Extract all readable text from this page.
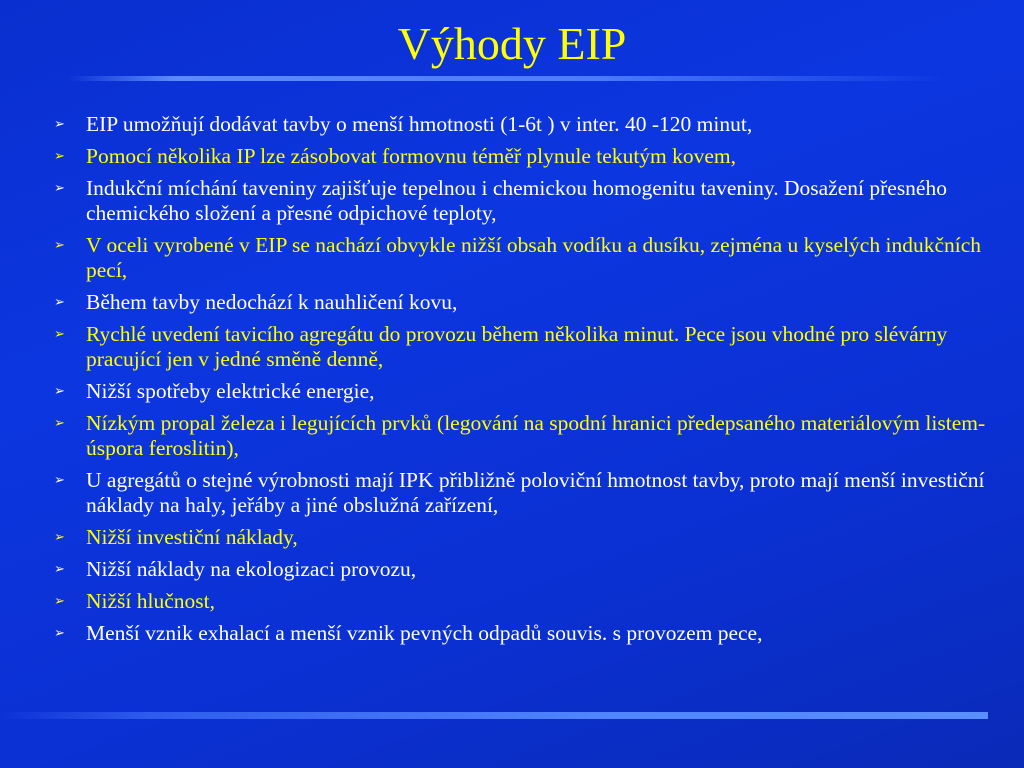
Výhody EIP
➢ EIP umožňují dodávat tavby o menší hmotnosti (1-6t ) v inter. 40 -120 minut,
➢ Pomocí několika IP lze zásobovat formovnu téměř plynule tekutým kovem,
➢ Indukční míchání taveniny zajišťuje tepelnou i chemickou homogenitu taveniny. Dosažení přesného chemického složení a přesné odpichové teploty,
➢ V oceli vyrobené v EIP se nachází obvykle nižší obsah vodíku a dusíku, zejména u kyselých indukčních pecí,
➢ Během tavby nedochází k nauhličení kovu,
➢ Rychlé uvedení tavicího agregátu do provozu během několika minut. Pece jsou vhodné pro slévárny pracující jen v jedné směně denně,
➢ Nižší spotřeby elektrické energie,
➢ Nízkým propal železa i legujících prvků (legování na spodní hranici předepsaného materiálovým listem- úspora feroslitin),
➢ U agregátů o stejné výrobnosti mají IPK přibližně poloviční hmotnost tavby, proto mají menší investiční náklady na haly, jeřáby a jiné obslužná zařízení,
➢ Nižší investiční náklady,
➢ Nižší náklady na ekologizaci provozu,
➢ Nižší hlučnost,
➢ Menší vznik exhalací a menší vznik pevných odpadů souvis. s provozem pece,
